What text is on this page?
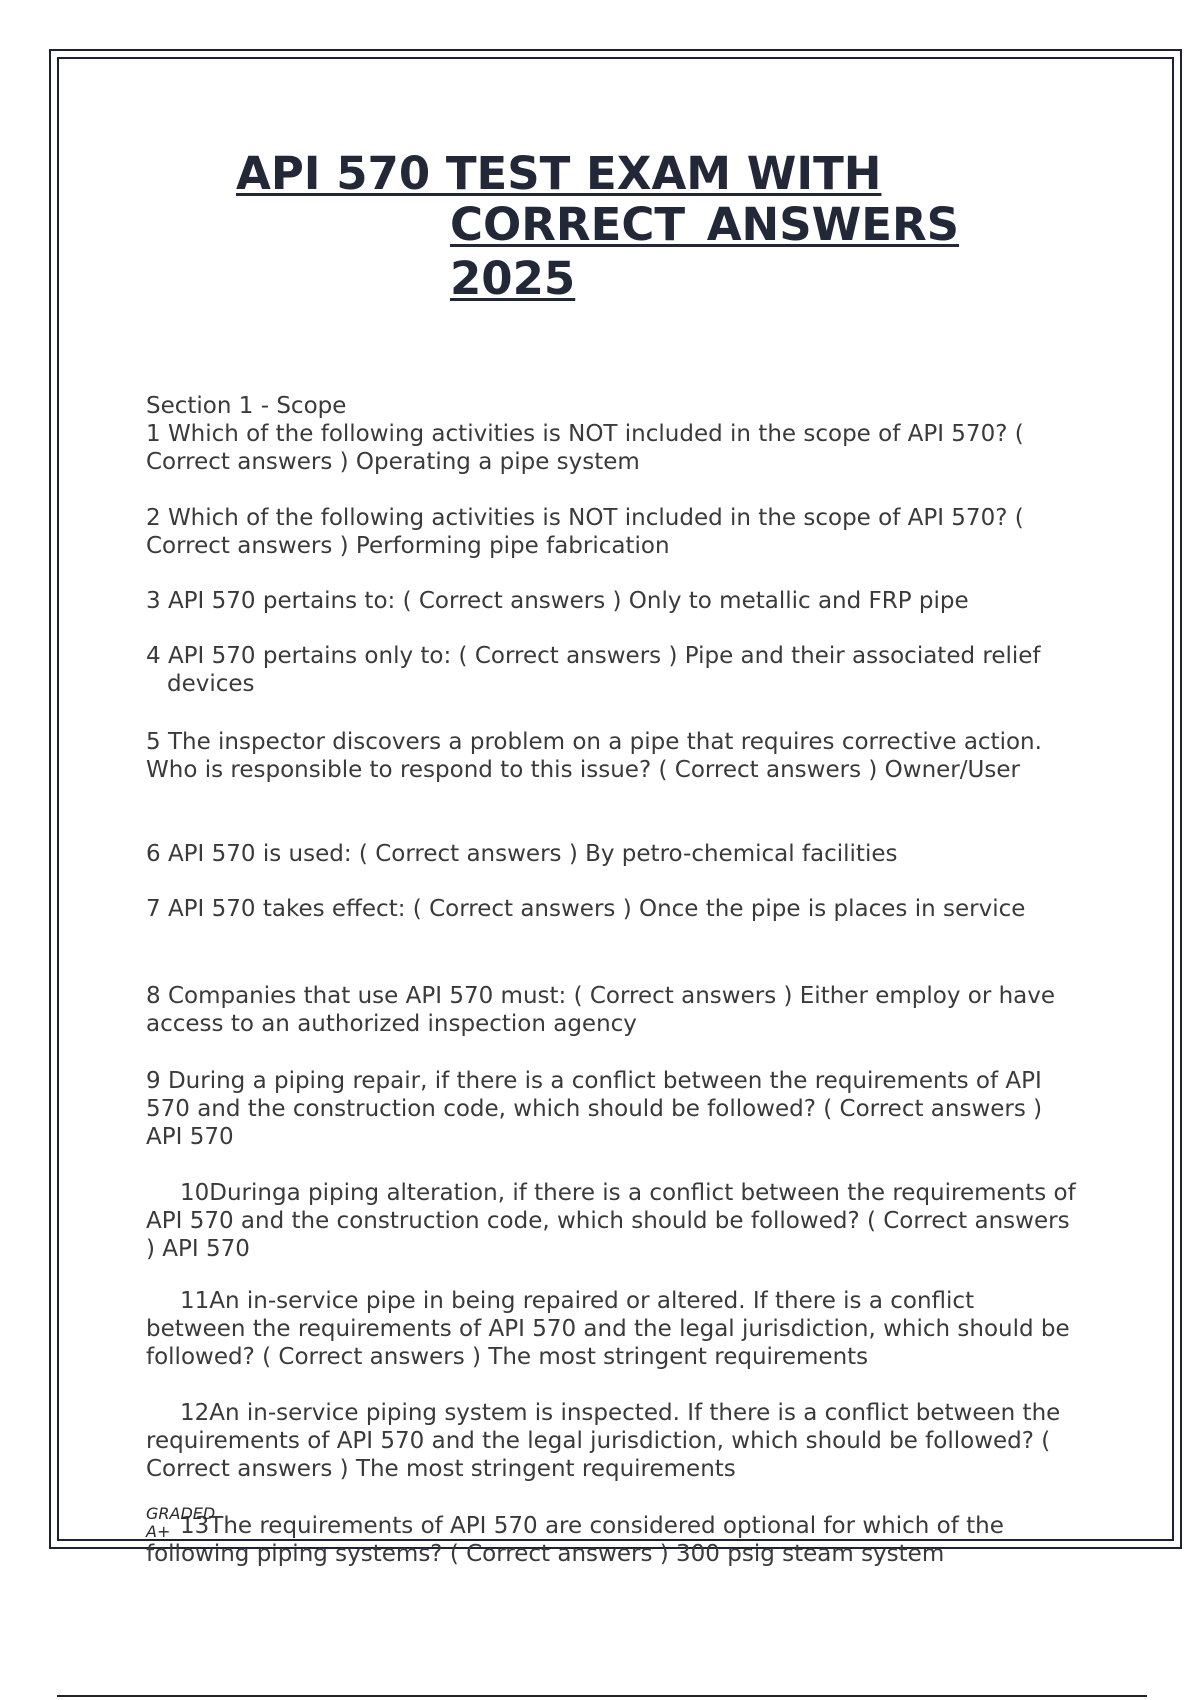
API 570 TEST EXAM WITH
CORRECT ANSWERS
2025

Section 1 - Scope

1 Which of the following activities is NOT included in the scope of API 570? ( Correct answers ) Operating a pipe system

2 Which of the following activities is NOT included in the scope of API 570? ( Correct answers ) Performing pipe fabrication

3 API 570 pertains to: ( Correct answers ) Only to metallic and FRP pipe

4 API 570 pertains only to: ( Correct answers ) Pipe and their associated relief devices

5 The inspector discovers a problem on a pipe that requires corrective action. Who is responsible to respond to this issue? ( Correct answers ) Owner/User

6 API 570 is used: ( Correct answers ) By petro-chemical facilities

7 API 570 takes effect: ( Correct answers ) Once the pipe is places in service

8 Companies that use API 570 must: ( Correct answers ) Either employ or have access to an authorized inspection agency

9 During a piping repair, if there is a conflict between the requirements of API 570 and the construction code, which should be followed? ( Correct answers ) API 570

10Duringa piping alteration, if there is a conflict between the requirements of API 570 and the construction code, which should be followed? ( Correct answers ) API 570

11An in-service pipe in being repaired or altered. If there is a conflict between the requirements of API 570 and the legal jurisdiction, which should be followed? ( Correct answers ) The most stringent requirements

12An in-service piping system is inspected. If there is a conflict between the requirements of API 570 and the legal jurisdiction, which should be followed? ( Correct answers ) The most stringent requirements

13The requirements of API 570 are considered optional for which of the following piping systems? ( Correct answers ) 300 psig steam system

GRADED A+
